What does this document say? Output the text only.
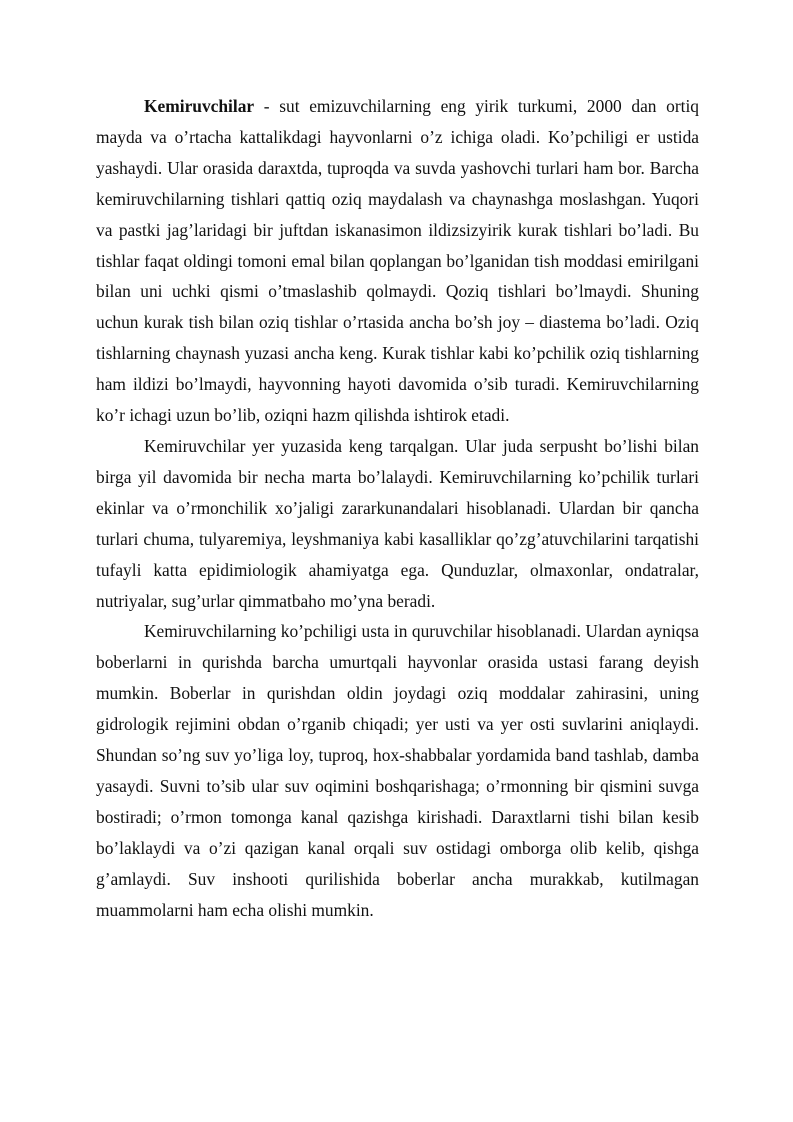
Kemiruvchilar - sut emizuvchilarning eng yirik turkumi, 2000 dan ortiq mayda va o’rtacha kattalikdagi hayvonlarni o’z ichiga oladi. Ko’pchiligi er ustida yashaydi. Ular orasida daraxtda, tuproqda va suvda yashovchi turlari ham bor. Barcha kemiruvchilarning tishlari qattiq oziq maydalash va chaynashga moslashgan. Yuqori va pastki jag’laridagi bir juftdan iskanasimon ildizsizyirik kurak tishlari bo’ladi. Bu tishlar faqat oldingi tomoni emal bilan qoplangan bo’lganidan tish moddasi emirilgani bilan uni uchki qismi o’tmaslashib qolmaydi. Qoziq tishlari bo’lmaydi. Shuning uchun kurak tish bilan oziq tishlar o’rtasida ancha bo’sh joy – diastema bo’ladi. Oziq tishlarning chaynash yuzasi ancha keng. Kurak tishlar kabi ko’pchilik oziq tishlarning ham ildizi bo’lmaydi, hayvonning hayoti davomida o’sib turadi. Kemiruvchilarning ko’r ichagi uzun bo’lib, oziqni hazm qilishda ishtirok etadi.

Kemiruvchilar yer yuzasida keng tarqalgan. Ular juda serpusht bo’lishi bilan birga yil davomida bir necha marta bo’lalaydi. Kemiruvchilarning ko’pchilik turlari ekinlar va o’rmonchilik xo’jaligi zararkunandalari hisoblanadi. Ulardan bir qancha turlari chuma, tulyaremiya, leyshmaniya kabi kasalliklar qo’zg’atuvchilarini tarqatishi tufayli katta epidimiologik ahamiyatga ega. Qunduzlar, olmaxonlar, ondatralar, nutriyalar, sug’urlar qimmatbaho mo’yna beradi.

Kemiruvchilarning ko’pchiligi usta in quruvchilar hisoblanadi. Ulardan ayniqsa boberlarni in qurishda barcha umurtqali hayvonlar orasida ustasi farang deyish mumkin. Boberlar in qurishdan oldin joydagi oziq moddalar zahirasini, uning gidrologik rejimini obdan o’rganib chiqadi; yer usti va yer osti suvlarini aniqlaydi. Shundan so’ng suv yo’liga loy, tuproq, hox-shabbalar yordamida band tashlab, damba yasaydi. Suvni to’sib ular suv oqimini boshqarishaga; o’rmonning bir qismini suvga bostiradi; o’rmon tomonga kanal qazishga kirishadi. Daraxtlarni tishi bilan kesib bo’laklaydi va o’zi qazigan kanal orqali suv ostidagi omborga olib kelib, qishga g’amlaydi. Suv inshooti qurilishida boberlar ancha murakkab, kutilmagan muammolarni ham echa olishi mumkin.
